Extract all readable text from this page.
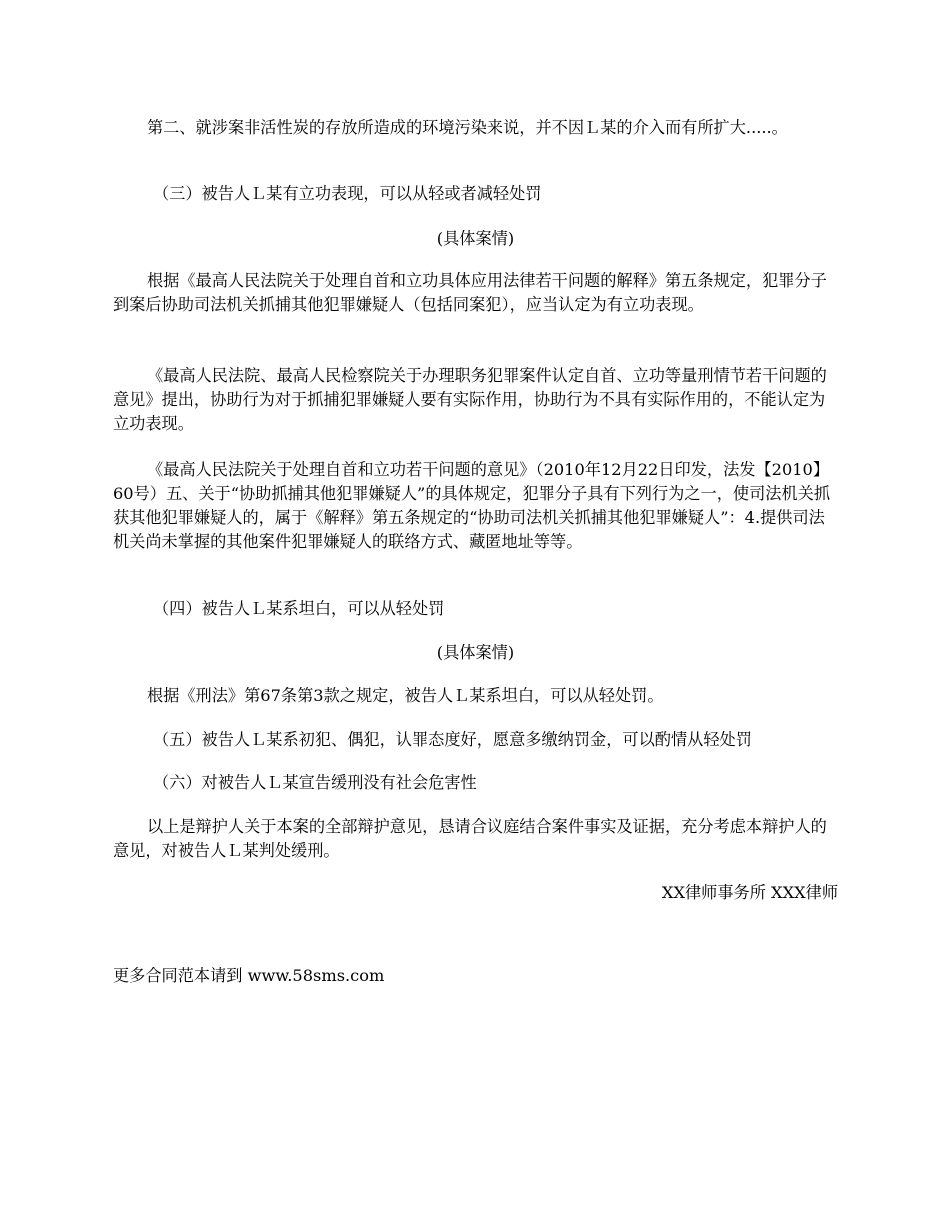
第二、就涉案非活性炭的存放所造成的环境污染来说，并不因Ｌ某的介入而有所扩大.....。

（三）被告人Ｌ某有立功表现，可以从轻或者减轻处罚

(具体案情)

根据《最高人民法院关于处理自首和立功具体应用法律若干问题的解释》第五条规定，犯罪分子到案后协助司法机关抓捕其他犯罪嫌疑人（包括同案犯），应当认定为有立功表现。

《最高人民法院、最高人民检察院关于办理职务犯罪案件认定自首、立功等量刑情节若干问题的意见》提出，协助行为对于抓捕犯罪嫌疑人要有实际作用，协助行为不具有实际作用的，不能认定为立功表现。

《最高人民法院关于处理自首和立功若干问题的意见》（2010年12月22日印发，法发【2010】60号）五、关于“协助抓捕其他犯罪嫌疑人”的具体规定，犯罪分子具有下列行为之一，使司法机关抓获其他犯罪嫌疑人的，属于《解释》第五条规定的“协助司法机关抓捕其他犯罪嫌疑人”：4.提供司法机关尚未掌握的其他案件犯罪嫌疑人的联络方式、藏匿地址等等。

（四）被告人Ｌ某系坦白，可以从轻处罚

(具体案情)

根据《刑法》第67条第3款之规定，被告人Ｌ某系坦白，可以从轻处罚。

（五）被告人Ｌ某系初犯、偶犯，认罪态度好，愿意多缴纳罚金，可以酌情从轻处罚

（六）对被告人Ｌ某宣告缓刑没有社会危害性

以上是辩护人关于本案的全部辩护意见，恳请合议庭结合案件事实及证据，充分考虑本辩护人的意见，对被告人Ｌ某判处缓刑。

XX律师事务所 XXX律师

更多合同范本请到 www.58sms.com
